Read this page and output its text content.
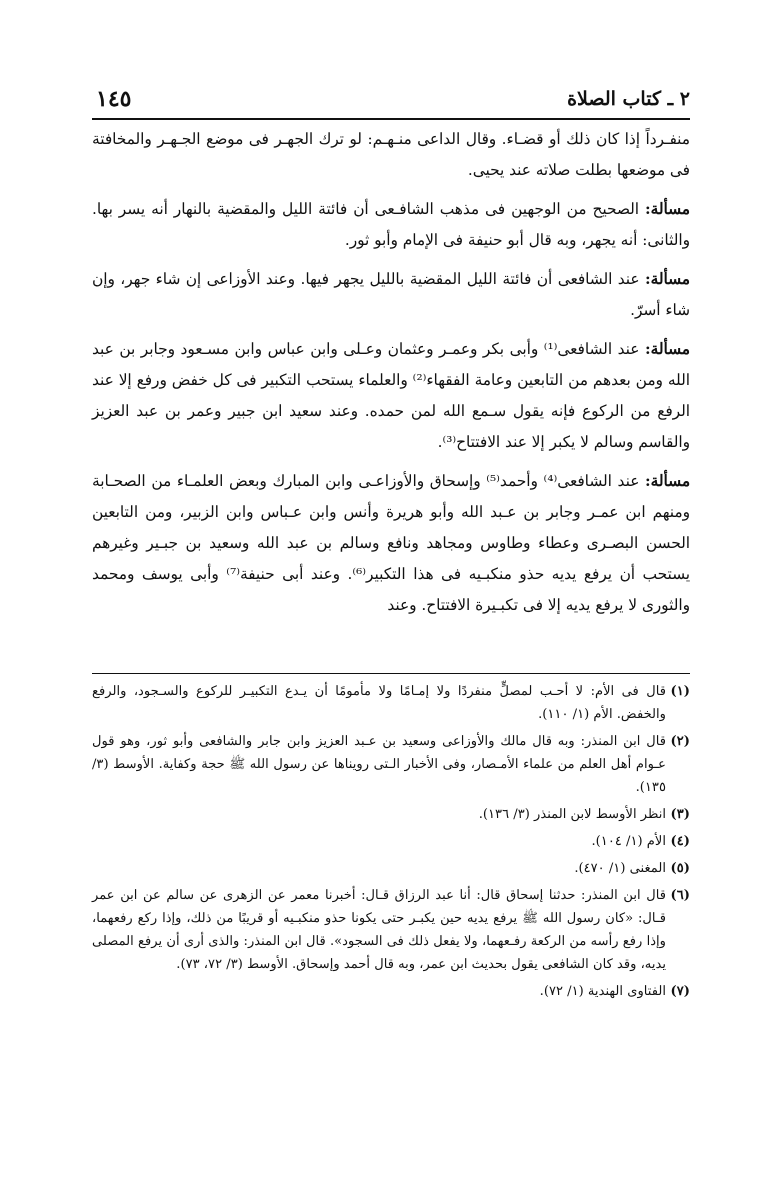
٢ ـ كتاب الصلاة
١٤٥

منفـرداً إذا كان ذلك أو قضـاء. وقال الداعى منـهـم: لو ترك الجهـر فى موضع الجـهـر والمخافتة فى موضعها بطلت صلاته عند يحيى.

مسألة: الصحيح من الوجهين فى مذهب الشافـعى أن فائتة الليل والمقضية بالنهار أنه يسر بها. والثانى: أنه يجهر، وبه قال أبو حنيفة فى الإمام وأبو ثور.

مسألة: عند الشافعى أن فائتة الليل المقضية بالليل يجهر فيها. وعند الأوزاعى إن شاء جهر، وإن شاء أسرّ.

مسألة: عند الشافعى⁽¹⁾ وأبى بكر وعمـر وعثمان وعـلى وابن عباس وابن مسـعود وجابر بن عبد الله ومن بعدهم من التابعين وعامة الفقهاء⁽²⁾ والعلماء يستحب التكبير فى كل خفض ورفع إلا عند الرفع من الركوع فإنه يقول سـمع الله لمن حمده. وعند سعيد ابن جبير وعمر بن عبد العزيز والقاسم وسالم لا يكبر إلا عند الافتتاح⁽³⁾.

مسألة: عند الشافعى⁽⁴⁾ وأحمد⁽⁵⁾ وإسحاق والأوزاعـى وابن المبارك وبعض العلمـاء من الصحـابة ومنهم ابن عمـر وجابر بن عـبد الله وأبو هريرة وأنس وابن عـباس وابن الزبير، ومن التابعين الحسن البصـرى وعطاء وطاوس ومجاهد ونافع وسالم بن عبد الله وسعيد بن جبـير وغيرهم يستحب أن يرفع يديه حذو منكبـيه فى هذا التكبير⁽⁶⁾. وعند أبى حنيفة⁽⁷⁾ وأبى يوسف ومحمد والثورى لا يرفع يديه إلا فى تكبـيرة الافتتاح. وعند

(١)
قال فى الأم: لا أحـب لمصلٍّ منفردًا ولا إمـامًا ولا مأمومًا أن يـدع التكبيـر للركوع والسـجود، والرفع والخفض. الأم (١/ ١١٠).

(٢)
قال ابن المنذر: وبه قال مالك والأوزاعى وسعيد بن عـبد العزيز وابن جابر والشافعى وأبو ثور، وهو قول عـوام أهل العلم من علماء الأمـصار، وفى الأخبار الـتى رويناها عن رسول الله ﷺ حجة وكفاية. الأوسط (٣/ ١٣٥).

(٣)
انظر الأوسط لابن المنذر (٣/ ١٣٦).

(٤)
الأم (١/ ١٠٤).

(٥)
المغنى (١/ ٤٧٠).

(٦)
قال ابن المنذر: حدثنا إسحاق قال: أنا عبد الرزاق قـال: أخبرنا معمر عن الزهرى عن سالم عن ابن عمر قـال: «كان رسول الله ﷺ يرفع يديه حين يكبـر حتى يكونا حذو منكبـيه أو قريبًا من ذلك، وإذا ركع رفعهما، وإذا رفع رأسه من الركعة رفـعهما، ولا يفعل ذلك فى السجود». قال ابن المنذر: والذى أرى أن يرفع المصلى يديه، وقد كان الشافعى يقول بحديث ابن عمر، وبه قال أحمد وإسحاق. الأوسط (٣/ ٧٢، ٧٣).

(٧)
الفتاوى الهندية (١/ ٧٢).
